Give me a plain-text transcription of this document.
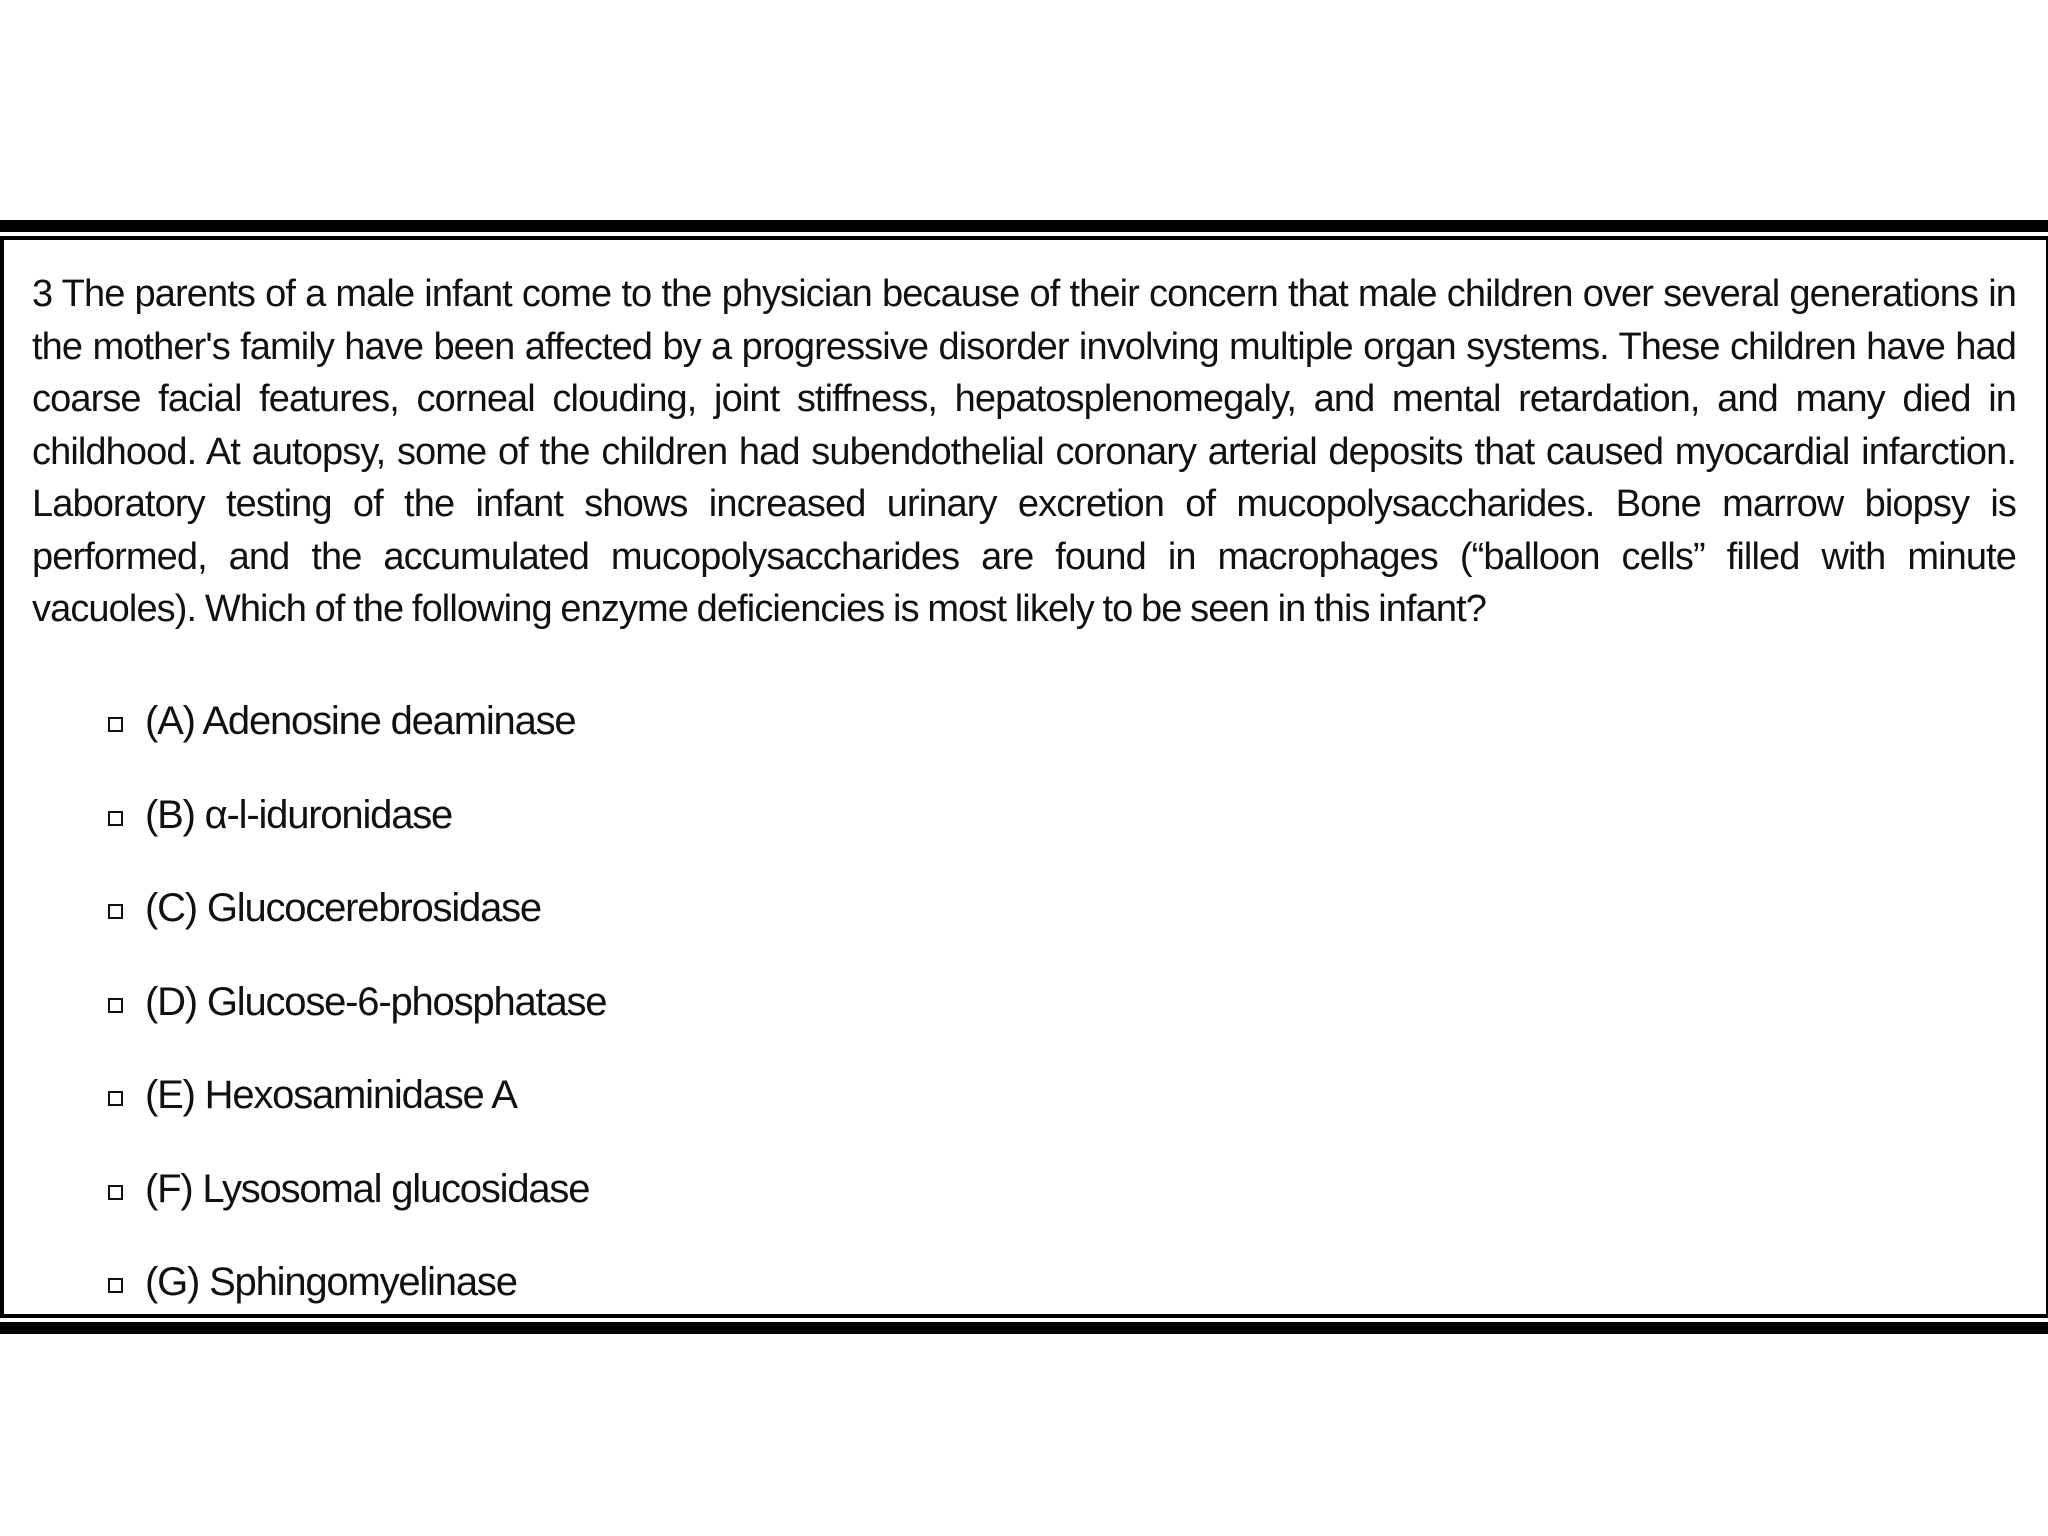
3 The parents of a male infant come to the physician because of their concern that male children over several generations in the mother's family have been affected by a progressive disorder involving multiple organ systems. These children have had coarse facial features, corneal clouding, joint stiffness, hepatosplenomegaly, and mental retardation, and many died in childhood. At autopsy, some of the children had subendothelial coronary arterial deposits that caused myocardial infarction. Laboratory testing of the infant shows increased urinary excretion of mucopolysaccharides. Bone marrow biopsy is performed, and the accumulated mucopolysaccharides are found in macrophages (“balloon cells” filled with minute vacuoles). Which of the following enzyme deficiencies is most likely to be seen in this infant?

(A) Adenosine deaminase
(B) α-l-iduronidase
(C) Glucocerebrosidase
(D) Glucose-6-phosphatase
(E) Hexosaminidase A
(F) Lysosomal glucosidase
(G) Sphingomyelinase
